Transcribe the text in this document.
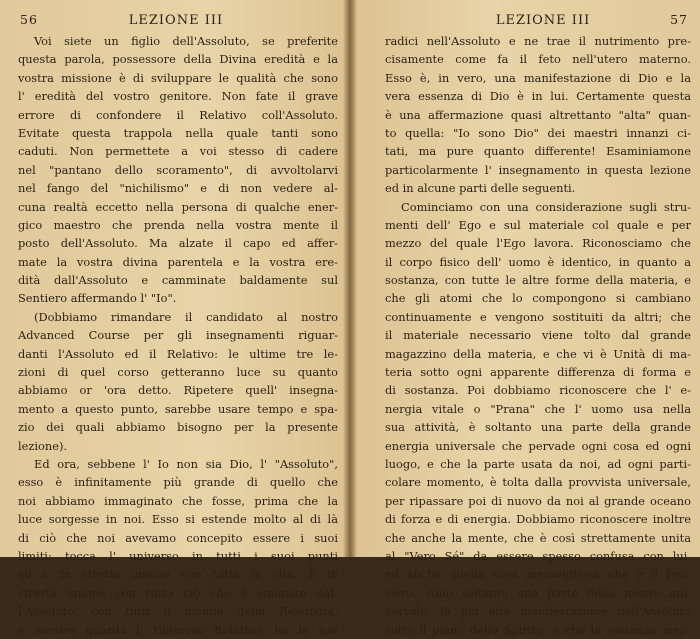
56	LEZIONE III
Voi siete un figlio dell'Assoluto, se preferite
questa parola, possessore della Divina eredità e la
vostra missione è di sviluppare le qualità che sono
l' eredità del vostro genitore. Non fate il grave
errore di confondere il Relativo coll'Assoluto.
Evitate questa trappola nella quale tanti sono
caduti. Non permettete a voi stesso di cadere
nel "pantano dello scoramento", di avvoltolarvi
nel fango del "nichilismo" e di non vedere al-
cuna realtà eccetto nella persona di qualche ener-
gico maestro che prenda nella vostra mente il
posto dell'Assoluto. Ma alzate il capo ed affer-
mate la vostra divina parentela e la vostra ere-
dità dall'Assoluto e camminate baldamente sul
Sentiero affermando l' "Io".
(Dobbiamo rimandare il candidato al nostro
Advanced Course per gli insegnamenti riguar-
danti l'Assoluto ed il Relativo: le ultime tre le-
zioni di quel corso getteranno luce su quanto
abbiamo or 'ora detto. Ripetere quell' insegna-
mento a questo punto, sarebbe usare tempo e spa-
zio dei quali abbiamo bisogno per la presente
lezione).
Ed ora, sebbene l' Io non sia Dio, l' "Assoluto",
esso è infinitamente più grande di quello che
noi abbiamo immaginato che fosse, prima che la
luce sorgesse in noi. Esso si estende molto al di là
di ciò che noi avevamo concepito essere i suoi
limiti: tocca l' universo in tutti i suoi punti
ed è in stretta unione con tutta la vita. È in
stretta unione con tutto ciò che è emanato dal-
l'Assoluto, con tutti il mondo della Relatività,
e mentre guarda l' Universo Relativo, ha le sue
LEZIONE III	57
radici nell'Assoluto e ne trae il nutrimento pre-
cisamente come fa il feto nell'utero materno.
Esso è, in vero, una manifestazione di Dio e la
vera essenza di Dio è in lui. Certamente questa
è una affermazione quasi altrettanto "alta" quan-
to quella: "Io sono Dio" dei maestri innanzi ci-
tati, ma pure quanto differente! Esaminiamone
particolarmente l' insegnamento in questa lezione
ed in alcune parti delle seguenti.
Cominciamo con una considerazione sugli stru-
menti dell' Ego e sul materiale col quale e per
mezzo del quale l'Ego lavora. Riconosciamo che
il corpo fisico dell' uomo è identico, in quanto a
sostanza, con tutte le altre forme della materia, e
che gli atomi che lo compongono si cambiano
continuamente e vengono sostituiti da altri; che
il materiale necessario viene tolto dal grande
magazzino della materia, e che vi è Unità di ma-
teria sotto ogni apparente differenza di forma e
di sostanza. Poi dobbiamo riconoscere che l' e-
nergia vitale o "Prana" che l' uomo usa nella
sua attività, è soltanto una parte della grande
energia universale che pervade ogni cosa ed ogni
luogo, e che la parte usata da noi, ad ogni parti-
colare momento, è tolta dalla provvista universale,
per ripassare poi di nuovo da noi al grande oceano
di forza e di energia. Dobbiamo riconoscere inoltre
che anche la mente, che è così strettamente unita
al "Vero Sé" da essere spesso confusa con lui,
ed anche quella cosa meravigliosa che è il Pen-
siero, sono soltanto una parte della mente uni-
versale, la più alta manifestazione dell'Assoluto
sotto il piano dello Spirito, e che la sostanza men-
